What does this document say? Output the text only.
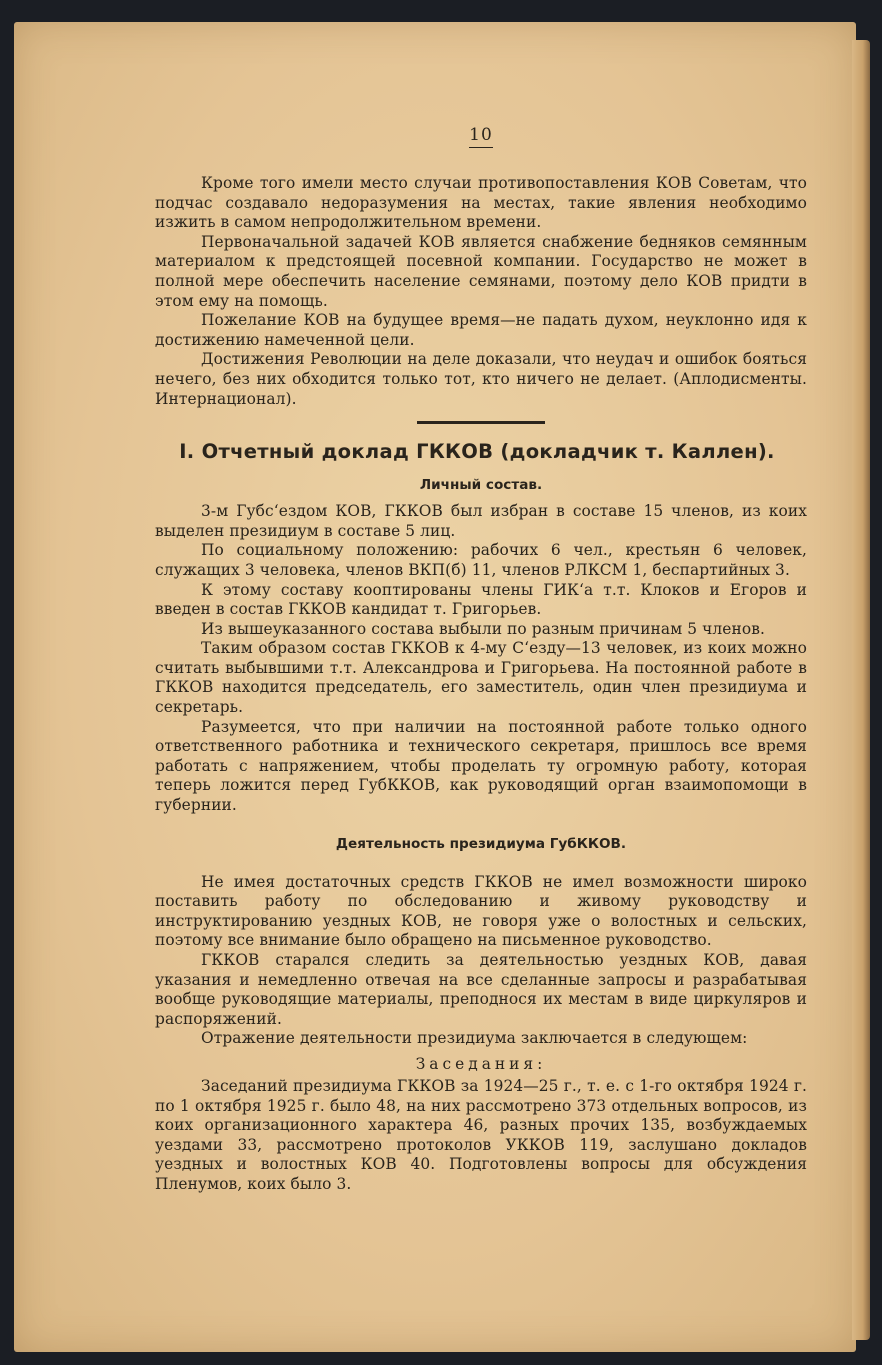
10

Кроме того имели место случаи противопоставления КОВ Советам, что подчас создавало недоразумения на местах, такие явления необходимо изжить в самом непродолжительном времени.

Первоначальной задачей КОВ является снабжение бедняков семянным материалом к предстоящей посевной компании. Государство не может в полной мере обеспечить население семянами, поэтому дело КОВ придти в этом ему на помощь.

Пожелание КОВ на будущее время—не падать духом, неуклонно идя к достижению намеченной цели.

Достижения Революции на деле доказали, что неудач и ошибок бояться нечего, без них обходится только тот, кто ничего не делает. (Аплодисменты. Интернационал).

I. Отчетный доклад ГККОВ (докладчик т. Каллен).
Личный состав.

3-м Губс‘ездом КОВ, ГККОВ был избран в составе 15 членов, из коих выделен президиум в составе 5 лиц.

По социальному положению: рабочих 6 чел., крестьян 6 человек, служащих 3 человека, членов ВКП(б) 11, членов РЛКСМ 1, беспартийных 3.

К этому составу кооптированы члены ГИК‘а т.т. Клоков и Егоров и введен в состав ГККОВ кандидат т. Григорьев.

Из вышеуказанного состава выбыли по разным причинам 5 членов.

Таким образом состав ГККОВ к 4-му С‘езду—13 человек, из коих можно считать выбывшими т.т. Александрова и Григорьева. На постоянной работе в ГККОВ находится председатель, его заместитель, один член президиума и секретарь.

Разумеется, что при наличии на постоянной работе только одного ответственного работника и технического секретаря, пришлось все время работать с напряжением, чтобы проделать ту огромную работу, которая теперь ложится перед ГубККОВ, как руководящий орган взаимопомощи в губернии.

Деятельность президиума ГубККОВ.

Не имея достаточных средств ГККОВ не имел возможности широко поставить работу по обследованию и живому руководству и инструктированию уездных КОВ, не говоря уже о волостных и сельских, поэтому все внимание было обращено на письменное руководство.

ГККОВ старался следить за деятельностью уездных КОВ, давая указания и немедленно отвечая на все сделанные запросы и разрабатывая вообще руководящие материалы, преподнося их местам в виде циркуляров и распоряжений.

Отражение деятельности президиума заключается в следующем:

Заседания:

Заседаний президиума ГККОВ за 1924—25 г., т. е. с 1-го октября 1924 г. по 1 октября 1925 г. было 48, на них рассмотрено 373 отдельных вопросов, из коих организационного характера 46, разных прочих 135, возбуждаемых уездами 33, рассмотрено протоколов УККОВ 119, заслушано докладов уездных и волостных КОВ 40. Подготовлены вопросы для обсуждения Пленумов, коих было 3.
